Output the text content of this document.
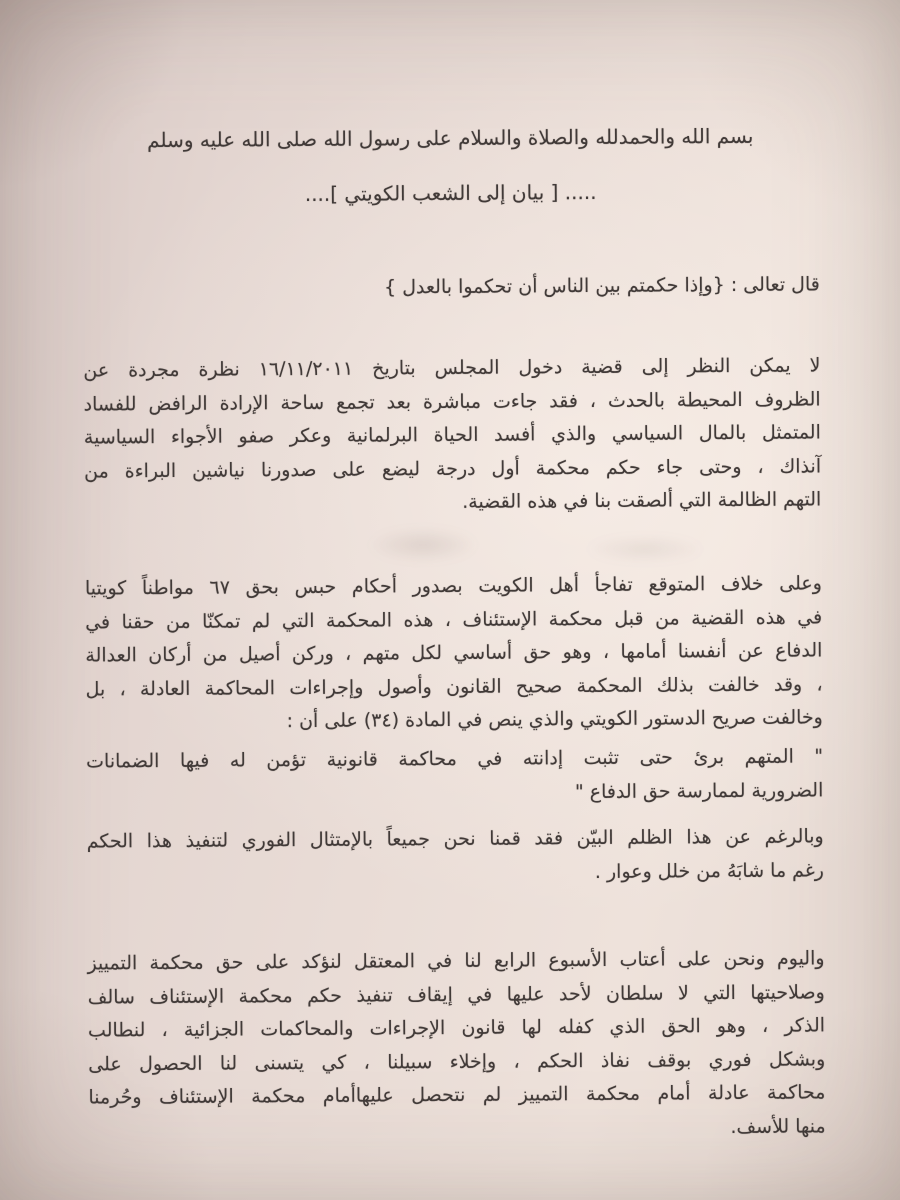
بسم الله والحمدلله والصلاة والسلام على رسول الله صلى الله عليه وسلم
..... [ بيان إلى الشعب الكويتي ]....
قال تعالى : {وإذا حكمتم بين الناس أن تحكموا بالعدل }
لا يمكن النظر إلى قضية دخول المجلس بتاريخ ١٦/١١/٢٠١١ نظرة مجردة عن
الظروف المحيطة بالحدث ، فقد جاءت مباشرة بعد تجمع ساحة الإرادة الرافض للفساد
المتمثل بالمال السياسي والذي أفسد الحياة البرلمانية وعكر صفو الأجواء السياسية
آنذاك ، وحتى جاء حكم محكمة أول درجة ليضع على صدورنا نياشين البراءة من
التهم الظالمة التي ألصقت بنا في هذه القضية.
وعلى خلاف المتوقع تفاجأ أهل الكويت بصدور أحكام حبس بحق ٦٧ مواطناً كويتيا
في هذه القضية من قبل محكمة الإستئناف ، هذه المحكمة التي لم تمكنّا من حقنا في
الدفاع عن أنفسنا أمامها ، وهو حق أساسي لكل متهم ، وركن أصيل من أركان العدالة
، وقد خالفت بذلك المحكمة صحيح القانون وأصول وإجراءات المحاكمة العادلة ، بل
وخالفت صريح الدستور الكويتي والذي ينص في المادة (٣٤) على أن :
" المتهم برئ حتى تثبت إدانته في محاكمة قانونية تؤمن له فيها الضمانات
الضرورية لممارسة حق الدفاع "
وبالرغم عن هذا الظلم البيّن فقد قمنا نحن جميعاً بالإمتثال الفوري لتنفيذ هذا الحكم
رغم ما شابَهُ من خلل وعوار .
واليوم ونحن على أعتاب الأسبوع الرابع لنا في المعتقل لنؤكد على حق محكمة التمييز
وصلاحيتها التي لا سلطان لأحد عليها في إيقاف تنفيذ حكم محكمة الإستئناف سالف
الذكر ، وهو الحق الذي كفله لها قانون الإجراءات والمحاكمات الجزائية ، لنطالب
وبشكل فوري بوقف نفاذ الحكم ، وإخلاء سبيلنا ، كي يتسنى لنا الحصول على
محاكمة عادلة أمام محكمة التمييز لم نتحصل عليهاأمام محكمة الإستئناف وحُرمنا
منها للأسف.
